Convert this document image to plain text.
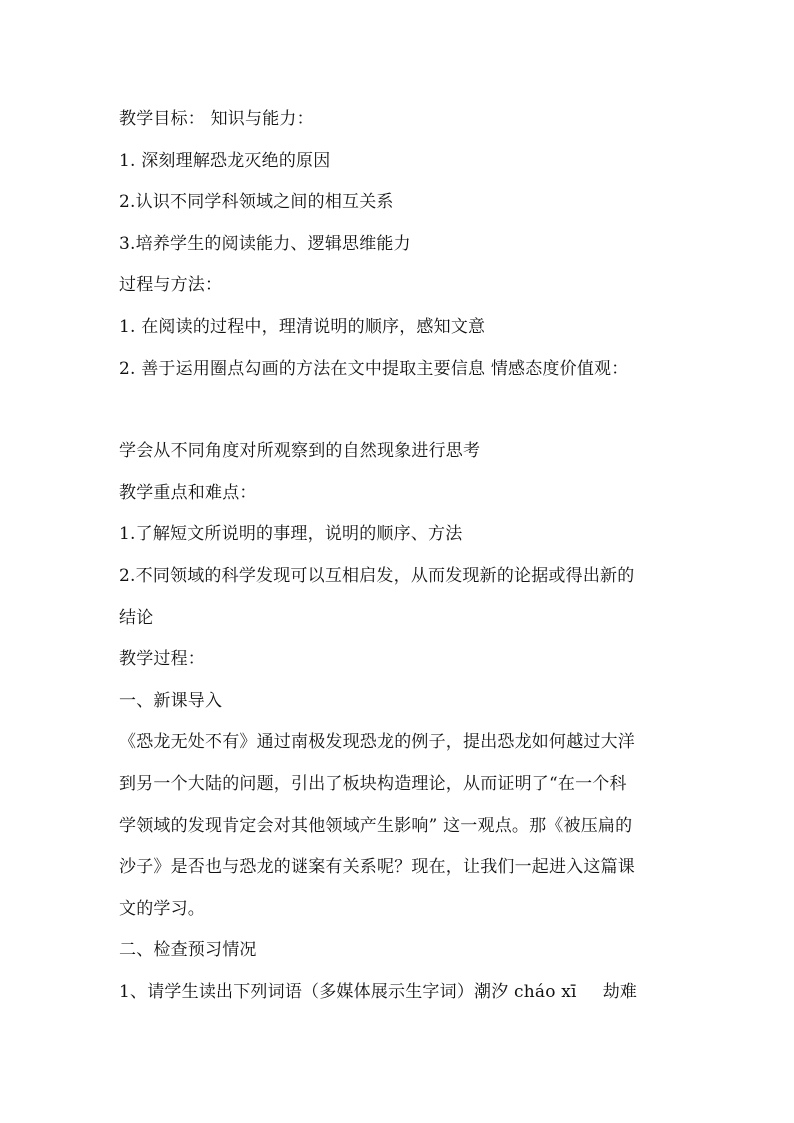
教学目标： 知识与能力：
1. 深刻理解恐龙灭绝的原因
2.认识不同学科领域之间的相互关系
3.培养学生的阅读能力、逻辑思维能力
过程与方法：
1. 在阅读的过程中，理清说明的顺序，感知文意
2. 善于运用圈点勾画的方法在文中提取主要信息 情感态度价值观：
学会从不同角度对所观察到的自然现象进行思考
教学重点和难点：
1.了解短文所说明的事理，说明的顺序、方法
2.不同领域的科学发现可以互相启发，从而发现新的论据或得出新的
结论
教学过程：
一、新课导入
《恐龙无处不有》通过南极发现恐龙的例子，提出恐龙如何越过大洋
到另一个大陆的问题，引出了板块构造理论，从而证明了“在一个科
学领域的发现肯定会对其他领域产生影响” 这一观点。那《被压扁的
沙子》是否也与恐龙的谜案有关系呢？现在，让我们一起进入这篇课
文的学习。
二、检查预习情况
1、请学生读出下列词语（多媒体展示生字词）潮汐 cháo xī 劫难
